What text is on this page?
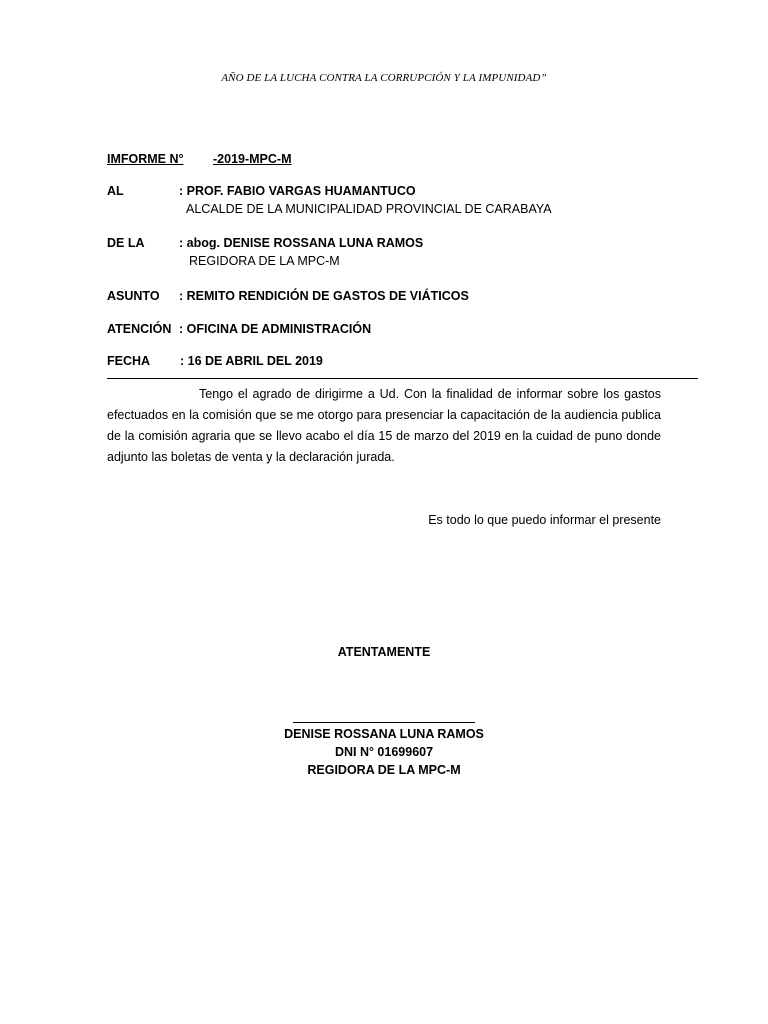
AÑO DE LA LUCHA CONTRA LA CORRUPCIÓN Y LA IMPUNIDAD”
IMFORME N° -2019-MPC-M

AL	: PROF. FABIO VARGAS HUAMANTUCO
ALCALDE DE LA MUNICIPALIDAD PROVINCIAL DE CARABAYA
DE LA	: abog. DENISE ROSSANA LUNA RAMOS
REGIDORA DE LA MPC-M
ASUNTO : REMITO RENDICIÓN DE GASTOS DE VIÁTICOS
ATENCIÓN : OFICINA DE ADMINISTRACIÓN
FECHA : 16 DE ABRIL DEL 2019
Tengo el agrado de dirigirme a Ud. Con la finalidad de informar sobre los gastos efectuados en la comisión que se me otorgo para presenciar la capacitación de la audiencia publica de la comisión agraria que se llevo acabo el día 15 de marzo del 2019 en la cuidad de puno donde adjunto las boletas de venta y la declaración jurada.
Es todo lo que puedo informar el presente
ATENTAMENTE
DENISE ROSSANA LUNA RAMOS
DNI N° 01699607
REGIDORA DE LA MPC-M
